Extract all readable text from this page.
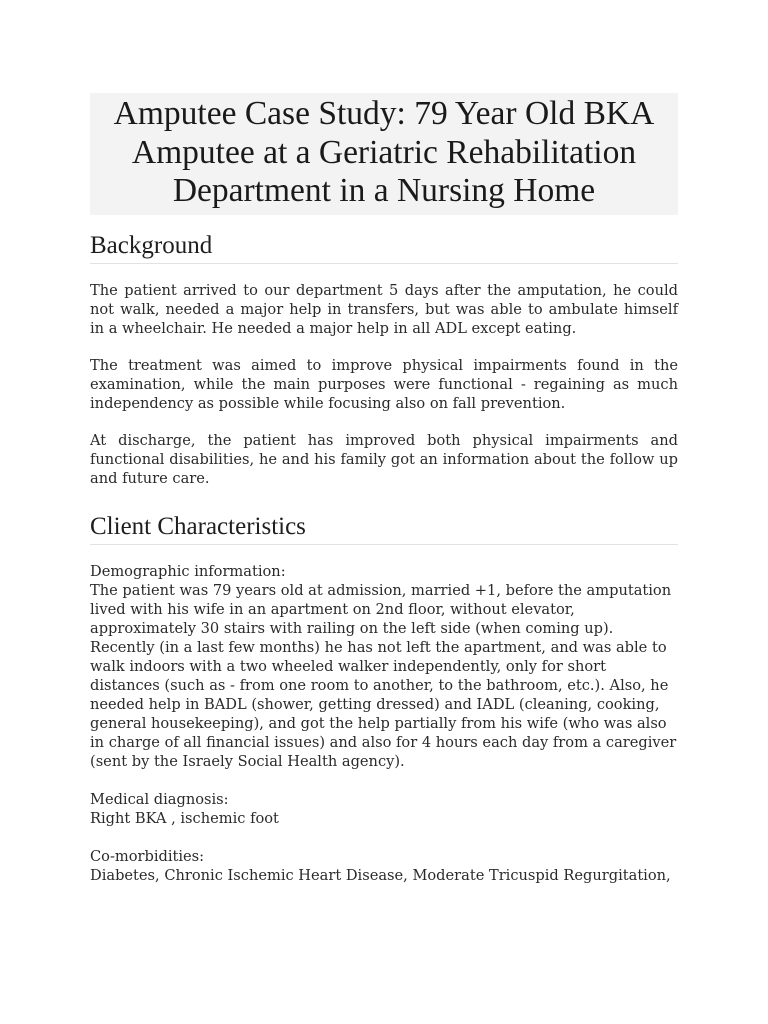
Amputee Case Study: 79 Year Old BKA Amputee at a Geriatric Rehabilitation Department in a Nursing Home
Background

The patient arrived to our department 5 days after the amputation, he could not walk, needed a major help in transfers, but was able to ambulate himself in a wheelchair. He needed a major help in all ADL except eating.

The treatment was aimed to improve physical impairments found in the examination, while the main purposes were functional - regaining as much independency as possible while focusing also on fall prevention.

At discharge, the patient has improved both physical impairments and functional disabilities, he and his family got an information about the follow up and future care.

Client Characteristics
Demographic information:
The patient was 79 years old at admission, married +1, before the amputation lived with his wife in an apartment on 2nd floor, without elevator, approximately 30 stairs with railing on the left side (when coming up). Recently (in a last few months) he has not left the apartment, and was able to walk indoors with a two wheeled walker independently, only for short distances (such as - from one room to another, to the bathroom, etc.). Also, he needed help in BADL (shower, getting dressed) and IADL (cleaning, cooking, general housekeeping), and got the help partially from his wife (who was also in charge of all financial issues) and also for 4 hours each day from a caregiver (sent by the Israely Social Health agency).
Medical diagnosis:
Right BKA , ischemic foot
Co-morbidities:
Diabetes, Chronic Ischemic Heart Disease, Moderate Tricuspid Regurgitation,
